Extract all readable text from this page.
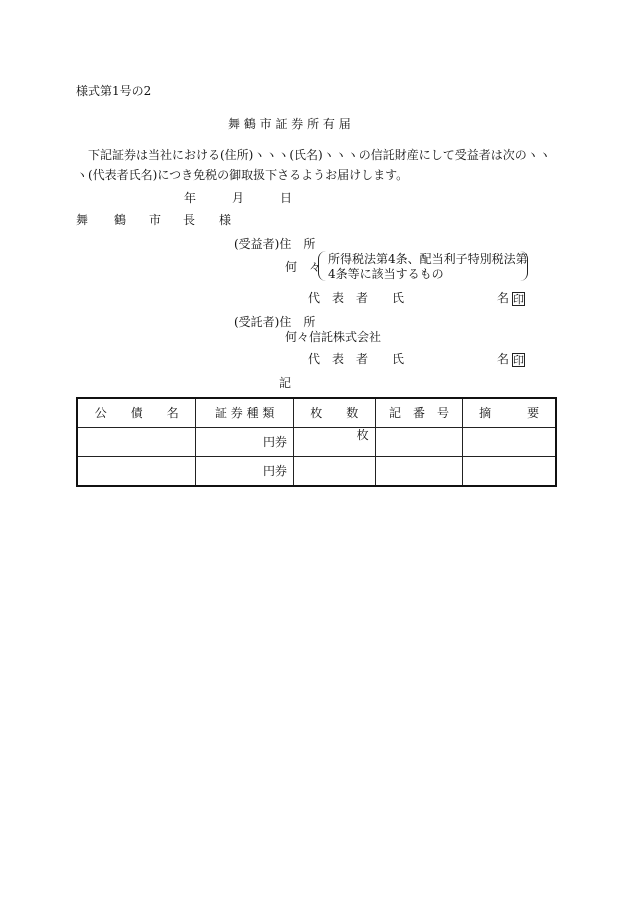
様式第1号の2
舞 鶴 市 証 券 所 有 届
下記証券は当社における(住所)ヽヽヽ(氏名)ヽヽヽの信託財産にして受益者は次のヽヽ
ヽ(代表者氏名)につき免税の御取扱下さるようお届けします。
年	月	日
舞 鶴 市 長 様
(受益者)住　所
何　々
所得税法第4条、配当利子特別税法第
4条等に該当するもの
代　表　者　　氏	名 印
(受託者)住　所
何々信託株式会社
代　表　者　　氏	名 印
記
公　　債　　名	証 券 種 類	枚　　数	記　番　号	摘　　　要
	円券	枚		
	円券			
